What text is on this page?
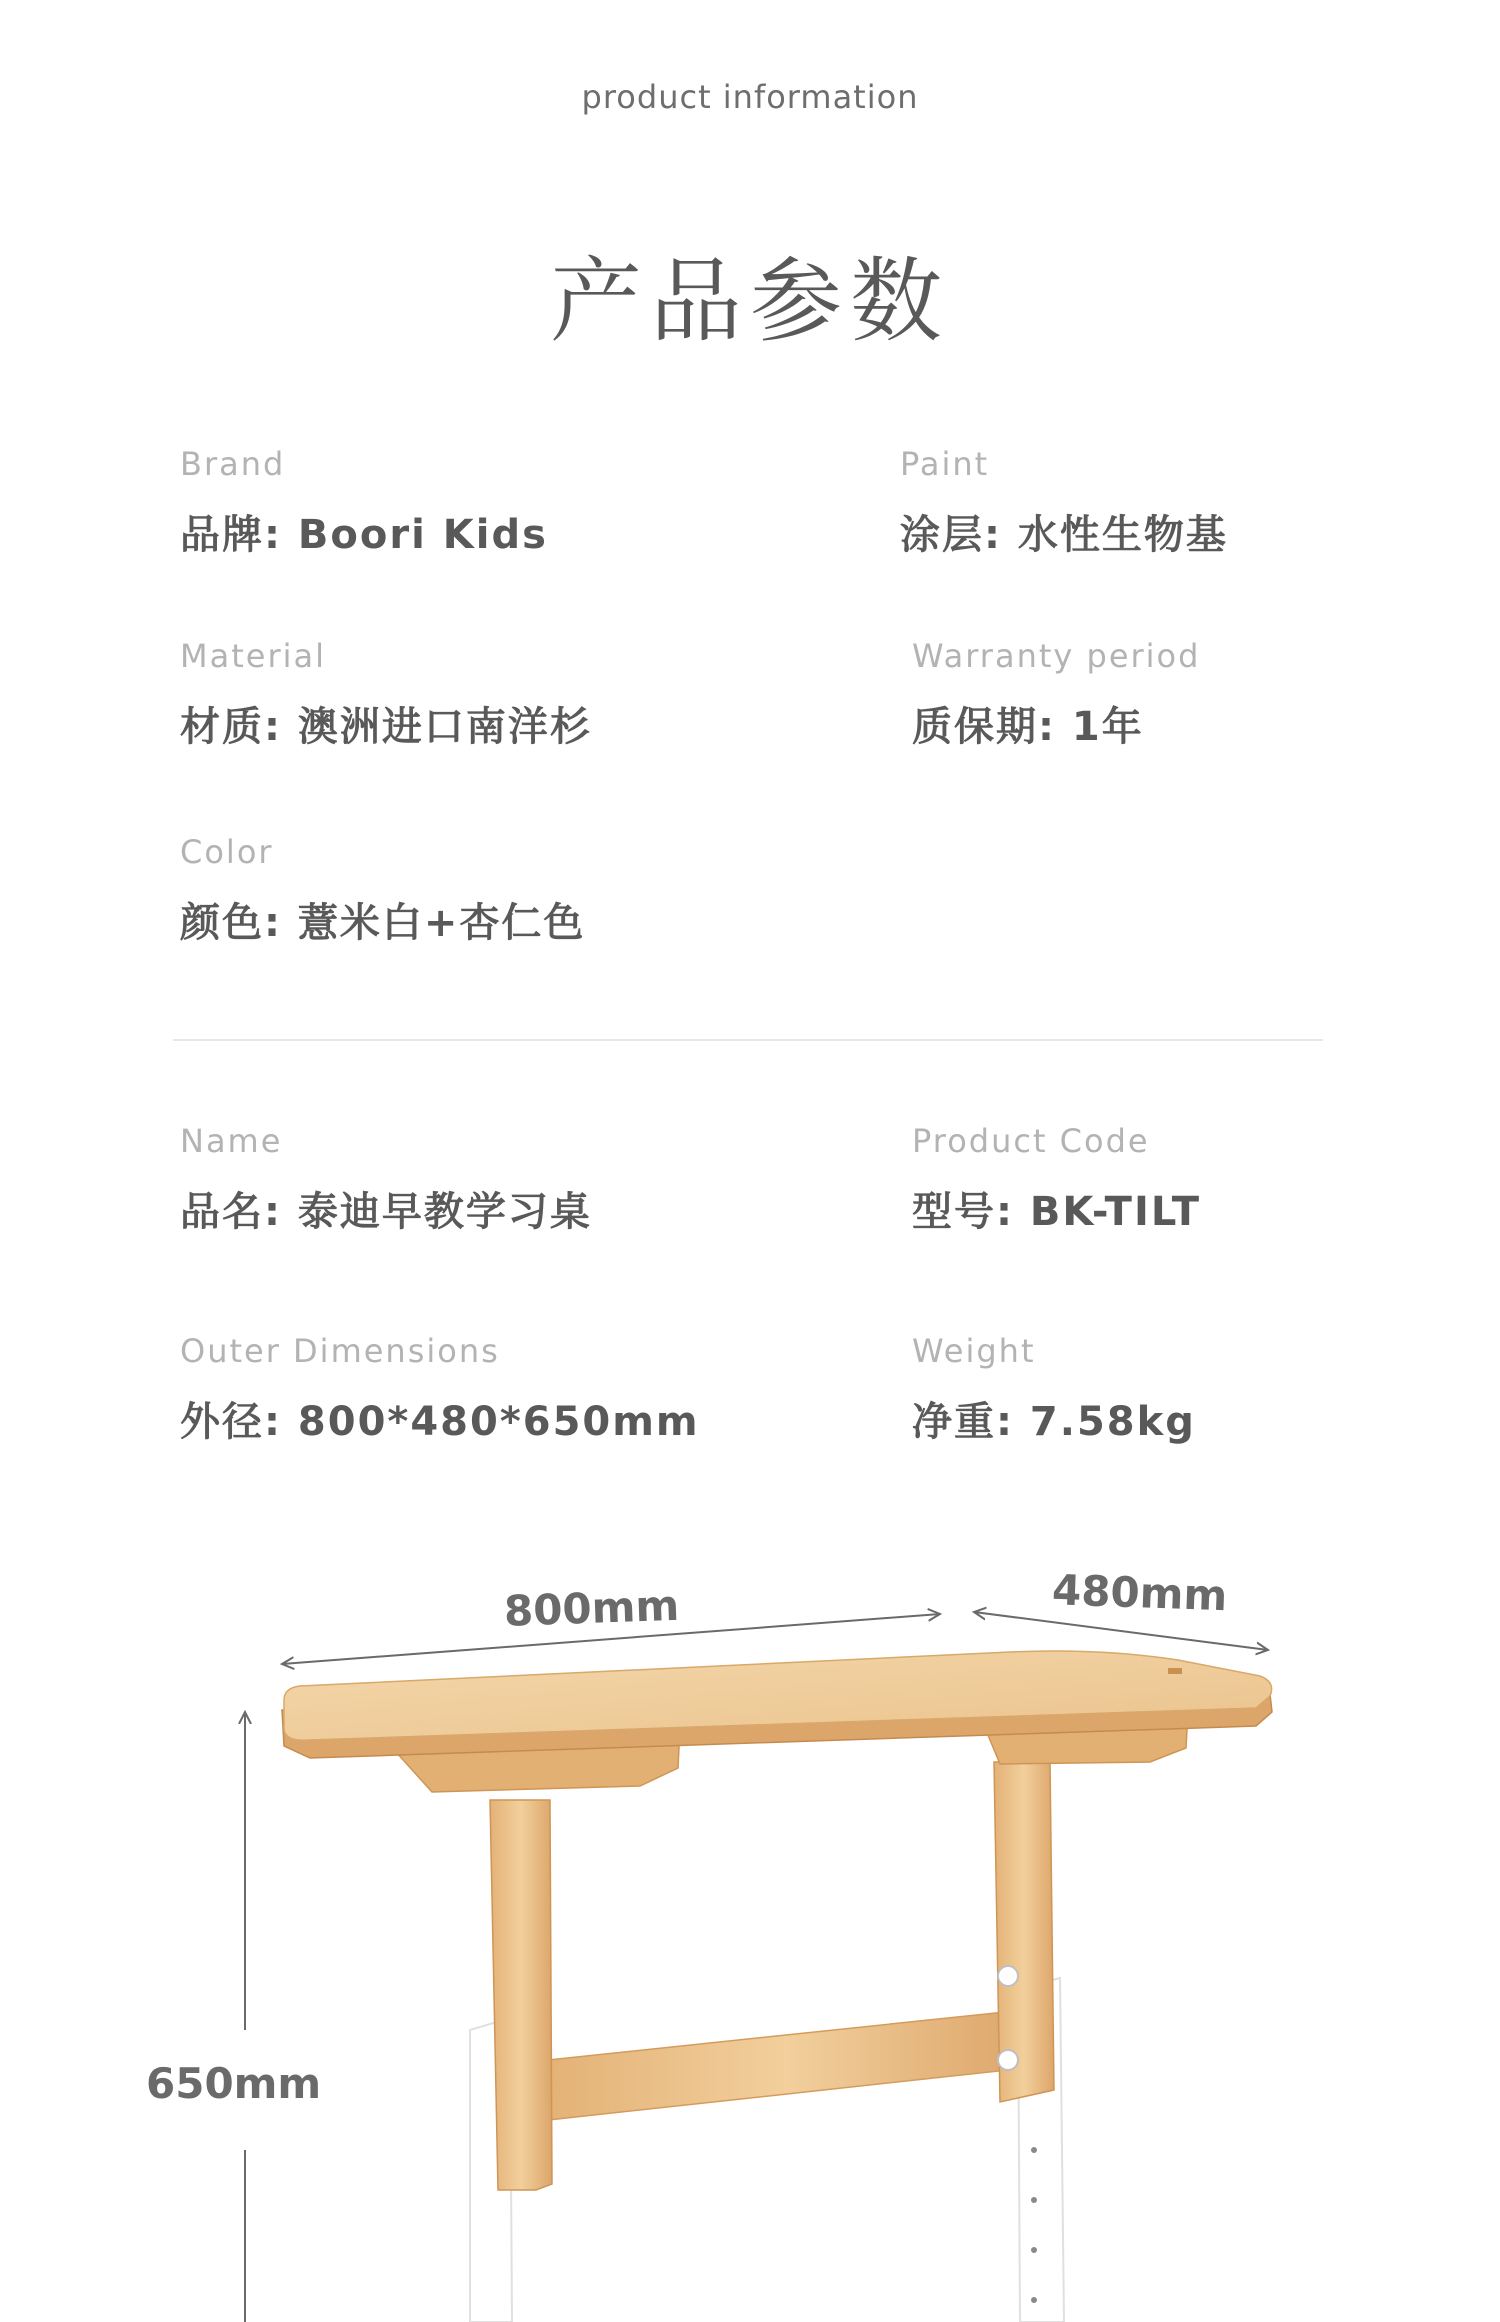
product information
产品参数
Brand
品牌: Boori Kids
Paint
涂层: 水性生物基
Material
材质: 澳洲进口南洋杉
Warranty period
质保期: 1年
Color
颜色: 薏米白+杏仁色
Name
品名: 泰迪早教学习桌
Product Code
型号: BK-TILT
Outer Dimensions
外径: 800*480*650mm
Weight
净重: 7.58kg
800mm	480mm
650mm
